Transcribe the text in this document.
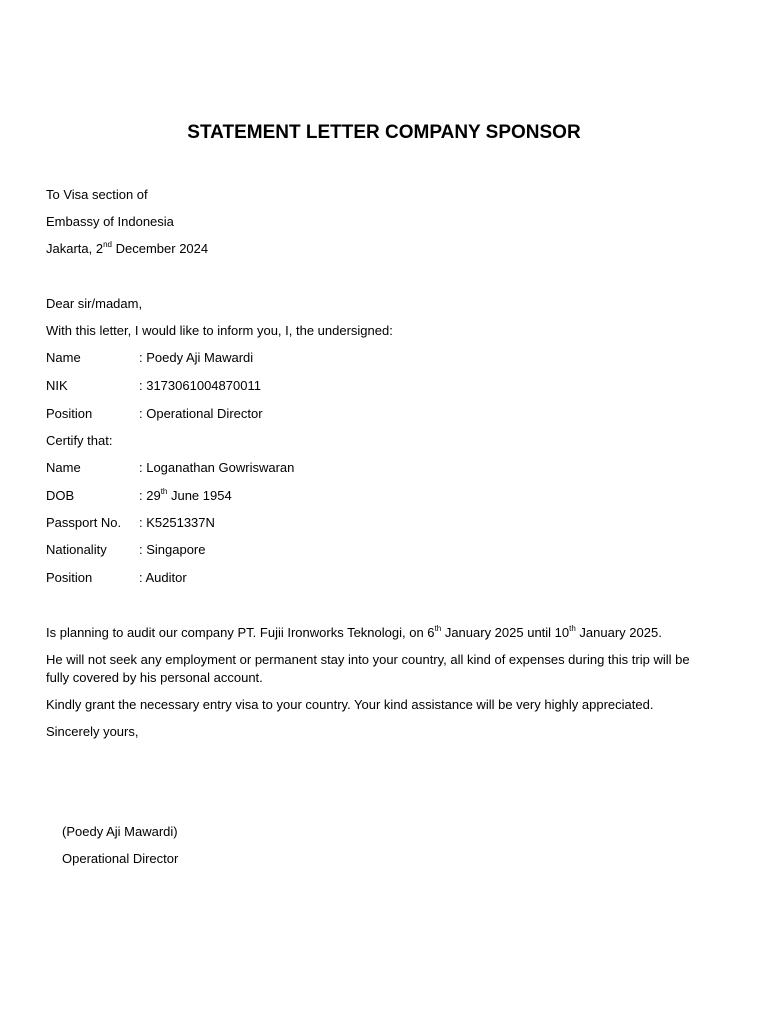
STATEMENT LETTER COMPANY SPONSOR
To Visa section of
Embassy of Indonesia
Jakarta, 2nd December 2024
Dear sir/madam,
With this letter, I would like to inform you, I, the undersigned:
Name	: Poedy Aji Mawardi
NIK	: 3173061004870011
Position	: Operational Director
Certify that:
Name	: Loganathan Gowriswaran
DOB	: 29th June 1954
Passport No. : K5251337N
Nationality : Singapore
Position	: Auditor
Is planning to audit our company PT. Fujii Ironworks Teknologi, on 6th January 2025 until 10th January 2025.
He will not seek any employment or permanent stay into your country, all kind of expenses during this trip will be fully covered by his personal account.
Kindly grant the necessary entry visa to your country. Your kind assistance will be very highly appreciated.
Sincerely yours,
(Poedy Aji Mawardi)
Operational Director
